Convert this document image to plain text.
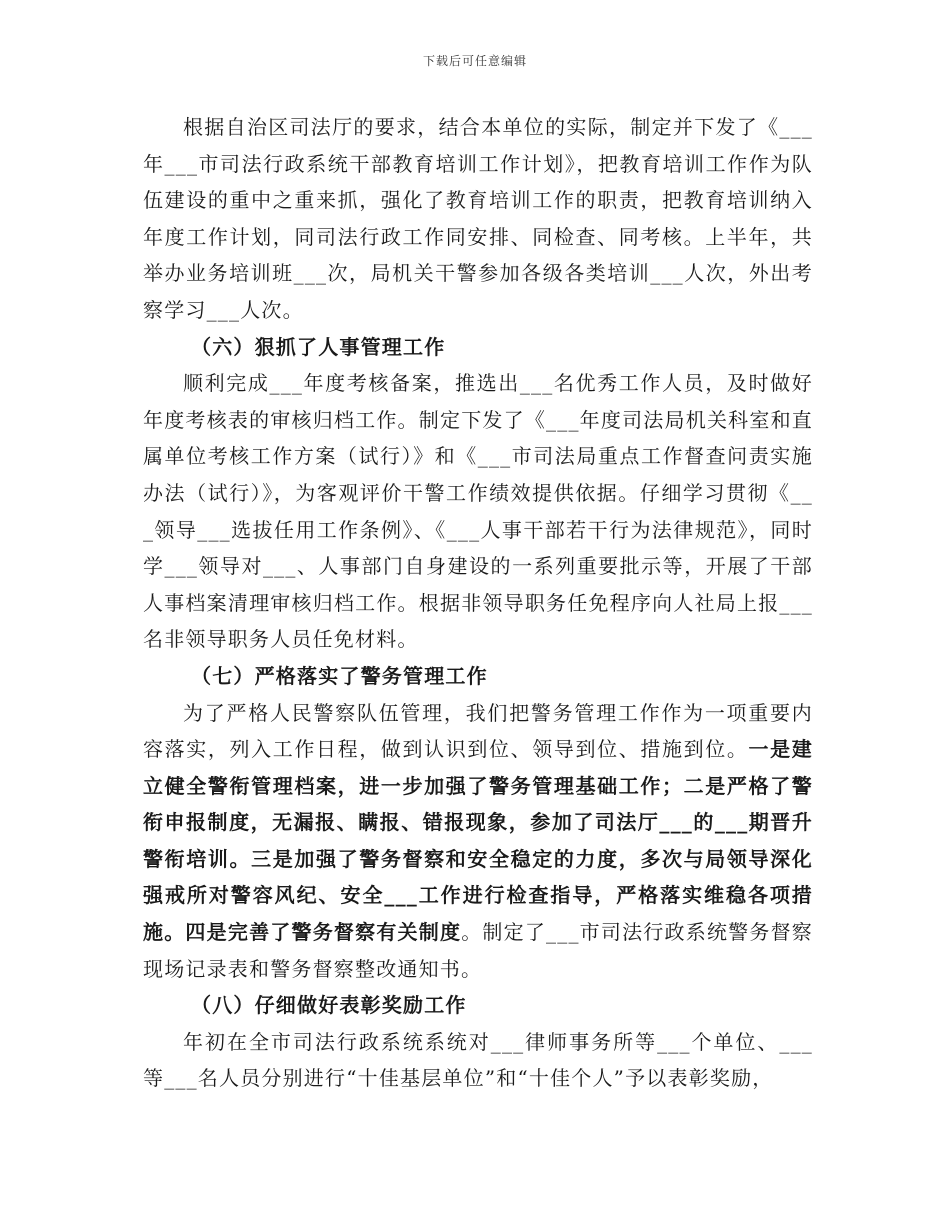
下载后可任意编辑

根据自治区司法厅的要求，结合本单位的实际，制定并下发了《___年___市司法行政系统干部教育培训工作计划》，把教育培训工作作为队伍建设的重中之重来抓，强化了教育培训工作的职责，把教育培训纳入年度工作计划，同司法行政工作同安排、同检查、同考核。上半年，共举办业务培训班___次，局机关干警参加各级各类培训___人次，外出考察学习___人次。

（六）狠抓了人事管理工作

顺利完成___年度考核备案，推选出___名优秀工作人员，及时做好年度考核表的审核归档工作。制定下发了《___年度司法局机关科室和直属单位考核工作方案（试行）》和《___市司法局重点工作督查问责实施办法（试行）》，为客观评价干警工作绩效提供依据。仔细学习贯彻《___领导___选拔任用工作条例》、《___人事干部若干行为法律规范》，同时学___领导对___、人事部门自身建设的一系列重要批示等，开展了干部人事档案清理审核归档工作。根据非领导职务任免程序向人社局上报___名非领导职务人员任免材料。

（七）严格落实了警务管理工作

为了严格人民警察队伍管理，我们把警务管理工作作为一项重要内容落实，列入工作日程，做到认识到位、领导到位、措施到位。一是建立健全警衔管理档案，进一步加强了警务管理基础工作；二是严格了警衔申报制度，无漏报、瞒报、错报现象，参加了司法厅___的___期晋升警衔培训。三是加强了警务督察和安全稳定的力度，多次与局领导深化强戒所对警容风纪、安全___工作进行检查指导，严格落实维稳各项措施。四是完善了警务督察有关制度。制定了___市司法行政系统警务督察现场记录表和警务督察整改通知书。

（八）仔细做好表彰奖励工作

年初在全市司法行政系统系统对___律师事务所等___个单位、___等___名人员分别进行“十佳基层单位”和“十佳个人”予以表彰奖励，
